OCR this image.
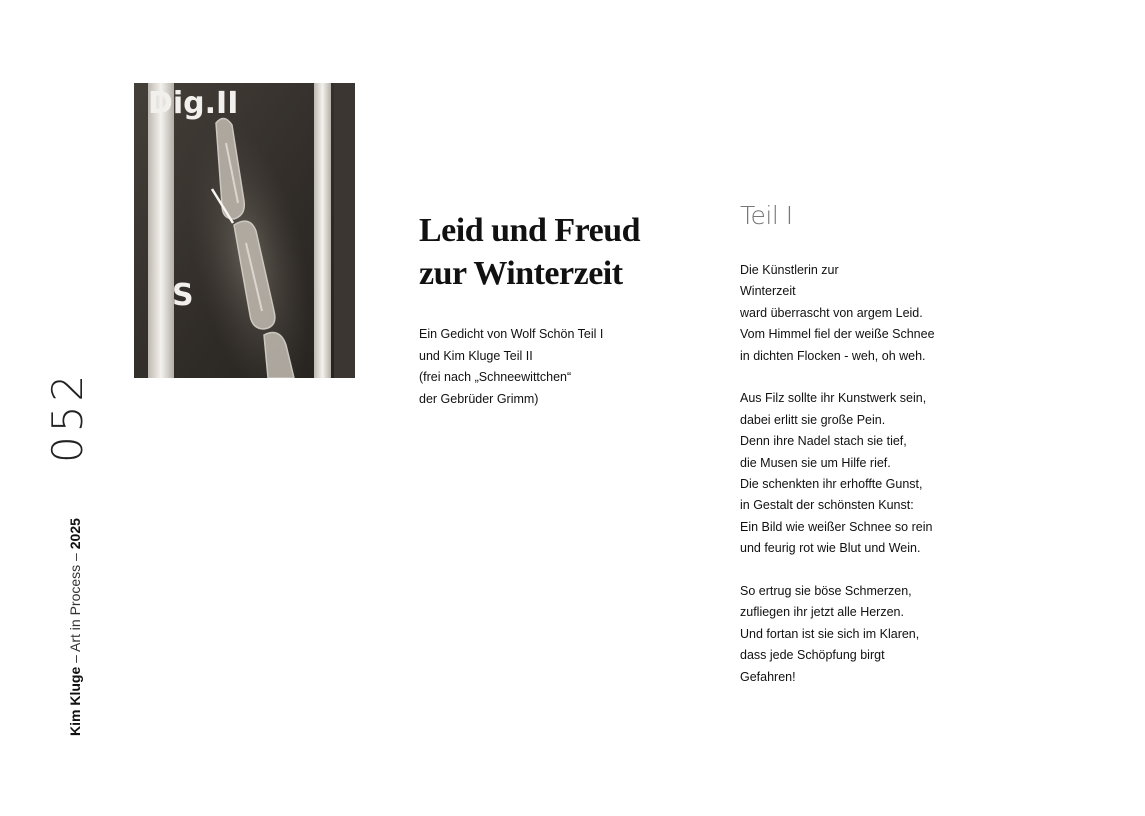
Dig.II
S
052
Kim Kluge – Art in Process – 2025
Leid und Freud
zur Winterzeit
Ein Gedicht von Wolf Schön Teil I
und Kim Kluge Teil II
(frei nach „Schneewittchen“
der Gebrüder Grimm)
Teil I
Die Künstlerin zur
Winterzeit
ward überrascht von argem Leid.
Vom Himmel fiel der weiße Schnee
in dichten Flocken - weh, oh weh.
Aus Filz sollte ihr Kunstwerk sein,
dabei erlitt sie große Pein.
Denn ihre Nadel stach sie tief,
die Musen sie um Hilfe rief.
Die schenkten ihr erhoffte Gunst,
in Gestalt der schönsten Kunst:
Ein Bild wie weißer Schnee so rein
und feurig rot wie Blut und Wein.
So ertrug sie böse Schmerzen,
zufliegen ihr jetzt alle Herzen.
Und fortan ist sie sich im Klaren,
dass jede Schöpfung birgt
Gefahren!
